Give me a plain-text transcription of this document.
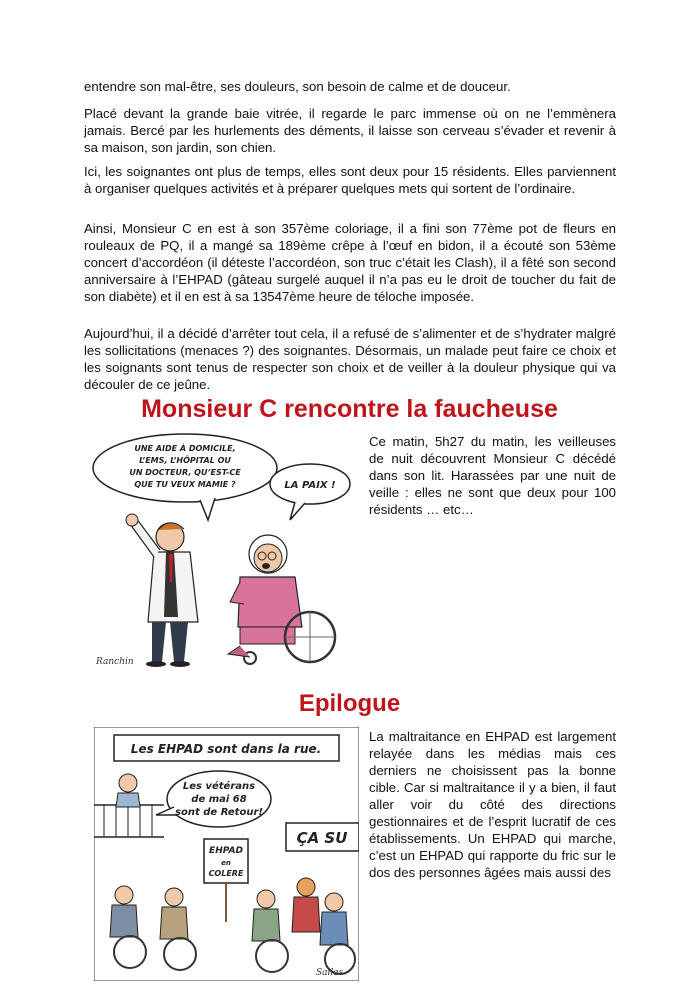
entendre son mal-être, ses douleurs, son besoin de calme et de douceur.

Placé devant la grande baie vitrée, il regarde le parc immense où on ne l’emmènera jamais. Bercé par les hurlements des déments, il laisse son cerveau s’évader et revenir à sa maison, son jardin, son chien.

Ici, les soignantes ont plus de temps, elles sont deux pour 15 résidents. Elles parviennent à organiser quelques activités et à préparer quelques mets qui sortent de l’ordinaire.

Ainsi, Monsieur C en est à son 357ème coloriage, il a fini son 77ème pot de fleurs en rouleaux de PQ, il a mangé sa 189ème crêpe à l’œuf en bidon, il a écouté son 53ème concert d’accordéon (il déteste l’accordéon, son truc c’était les Clash), il a fêté son second anniversaire à l’EHPAD (gâteau surgelé auquel il n’a pas eu le droit de toucher du fait de son diabète) et il en est à sa 13547ème heure de téloche imposée.

Aujourd’hui, il a décidé d’arrêter tout cela, il a refusé de s’alimenter et de s’hydrater malgré les sollicitations (menaces ?) des soignantes. Désormais, un malade peut faire ce choix et les soignants sont tenus de respecter son choix et de veiller à la douleur physique qui va découler de ce jeûne.

Monsieur C rencontre la faucheuse
UNE AIDE À DOMICILE,
L’EMS, L’HÔPITAL OU
UN DOCTEUR, QU’EST-CE
QUE TU VEUX MAMIE ?	LA PAIX !
Ranchin

Ce matin, 5h27 du matin, les veilleuses de nuit découvrent Monsieur C décédé dans son lit. Harassées par une nuit de veille : elles ne sont que deux pour 100 résidents … etc…

Epilogue
Les EHPAD sont dans la rue.
Les vétérans
de mai 68
sont de Retour!
EHPAD
en
COLERE
ÇA SU
Salles

La maltraitance en EHPAD est largement relayée dans les médias mais ces derniers ne choisissent pas la bonne cible. Car si maltraitance il y a bien, il faut aller voir du côté des directions gestionnaires et de l’esprit lucratif de ces établissements. Un EHPAD qui marche, c’est un EHPAD qui rapporte du fric sur le dos des personnes âgées mais aussi des
